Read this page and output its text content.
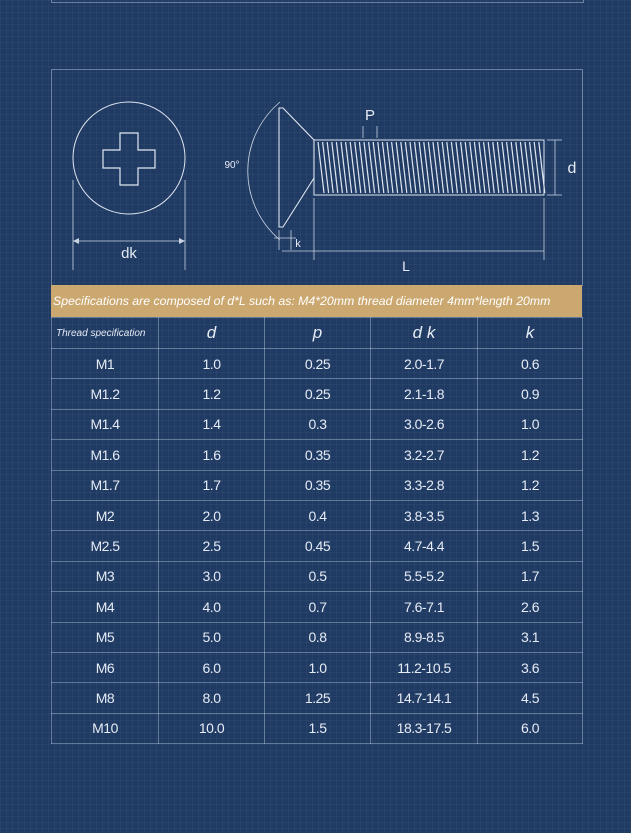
dk
90°
k
P
d
L
Specifications are composed of d*L such as: M4*20mm thread diameter 4mm*length 20mm
Thread specification	d	p	d k	k
M1	1.0	0.25	2.0-1.7	0.6
M1.2	1.2	0.25	2.1-1.8	0.9
M1.4	1.4	0.3	3.0-2.6	1.0
M1.6	1.6	0.35	3.2-2.7	1.2
M1.7	1.7	0.35	3.3-2.8	1.2
M2	2.0	0.4	3.8-3.5	1.3
M2.5	2.5	0.45	4.7-4.4	1.5
M3	3.0	0.5	5.5-5.2	1.7
M4	4.0	0.7	7.6-7.1	2.6
M5	5.0	0.8	8.9-8.5	3.1
M6	6.0	1.0	11.2-10.5	3.6
M8	8.0	1.25	14.7-14.1	4.5
M10	10.0	1.5	18.3-17.5	6.0
